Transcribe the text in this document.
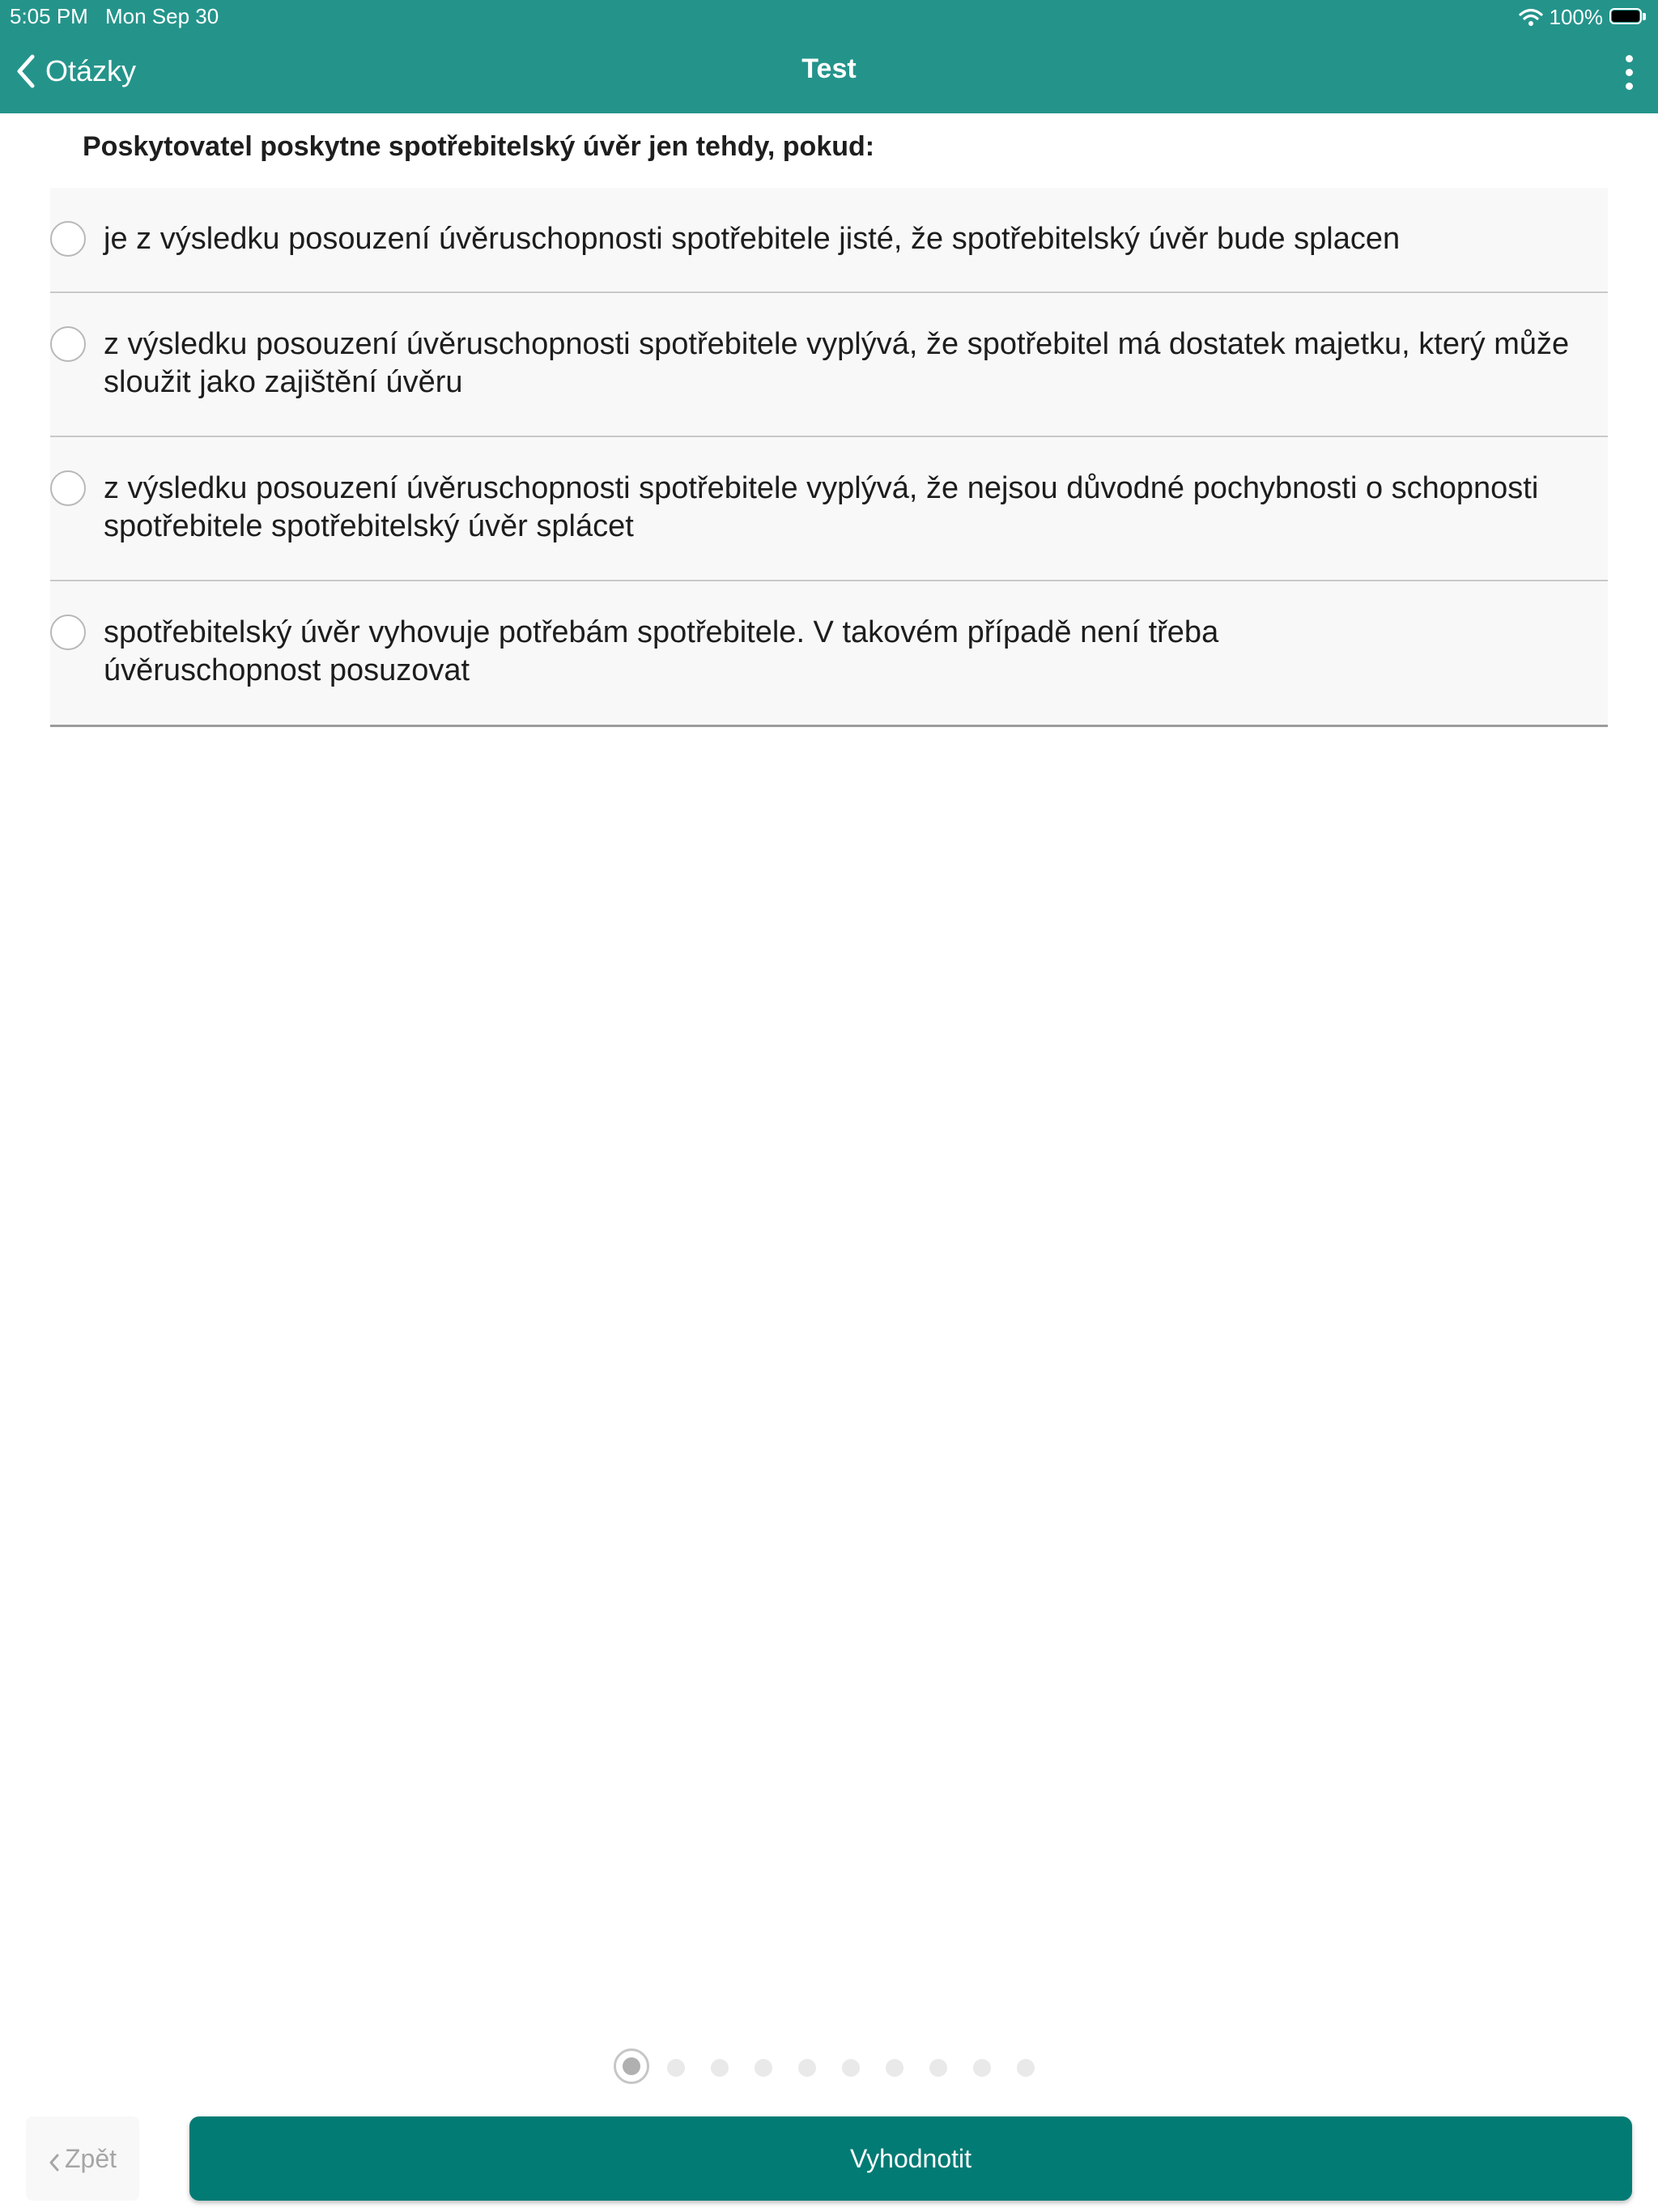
5:05 PM Mon Sep 30	100%
Otázky	Test
Poskytovatel poskytne spotřebitelský úvěr jen tehdy, pokud:
je z výsledku posouzení úvěruschopnosti spotřebitele jisté, že spotřebitelský úvěr bude splacen
z výsledku posouzení úvěruschopnosti spotřebitele vyplývá, že spotřebitel má dostatek majetku, který může sloužit jako zajištění úvěru
z výsledku posouzení úvěruschopnosti spotřebitele vyplývá, že nejsou důvodné pochybnosti o schopnosti spotřebitele spotřebitelský úvěr splácet
spotřebitelský úvěr vyhovuje potřebám spotřebitele. V takovém případě není třeba úvěruschopnost posuzovat
Zpět	Vyhodnotit
